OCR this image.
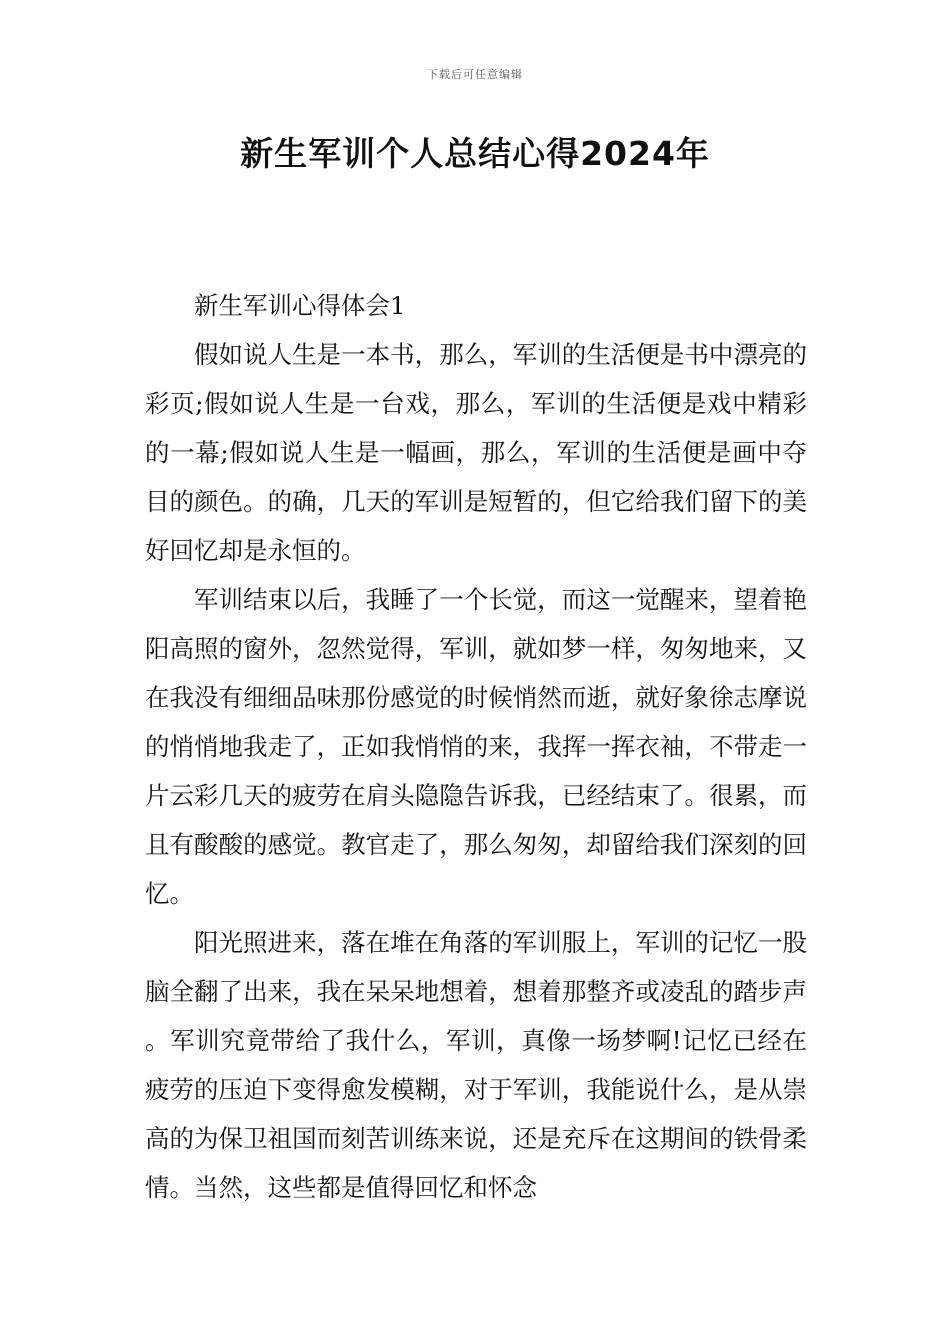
下载后可任意编辑
新生军训个人总结心得2024年

新生军训心得体会1

假如说人生是一本书，那么，军训的生活便是书中漂亮的彩页;假如说人生是一台戏，那么，军训的生活便是戏中精彩的一幕;假如说人生是一幅画，那么，军训的生活便是画中夺目的颜色。的确，几天的军训是短暂的，但它给我们留下的美好回忆却是永恒的。

军训结束以后，我睡了一个长觉，而这一觉醒来，望着艳阳高照的窗外，忽然觉得，军训，就如梦一样，匆匆地来，又在我没有细细品味那份感觉的时候悄然而逝，就好象徐志摩说的悄悄地我走了，正如我悄悄的来，我挥一挥衣袖，不带走一片云彩几天的疲劳在肩头隐隐告诉我，已经结束了。很累，而且有酸酸的感觉。教官走了，那么匆匆，却留给我们深刻的回忆。

阳光照进来，落在堆在角落的军训服上，军训的记忆一股脑全翻了出来，我在呆呆地想着，想着那整齐或凌乱的踏步声。军训究竟带给了我什么，军训，真像一场梦啊!记忆已经在疲劳的压迫下变得愈发模糊，对于军训，我能说什么，是从崇高的为保卫祖国而刻苦训练来说，还是充斥在这期间的铁骨柔情。当然，这些都是值得回忆和怀念
